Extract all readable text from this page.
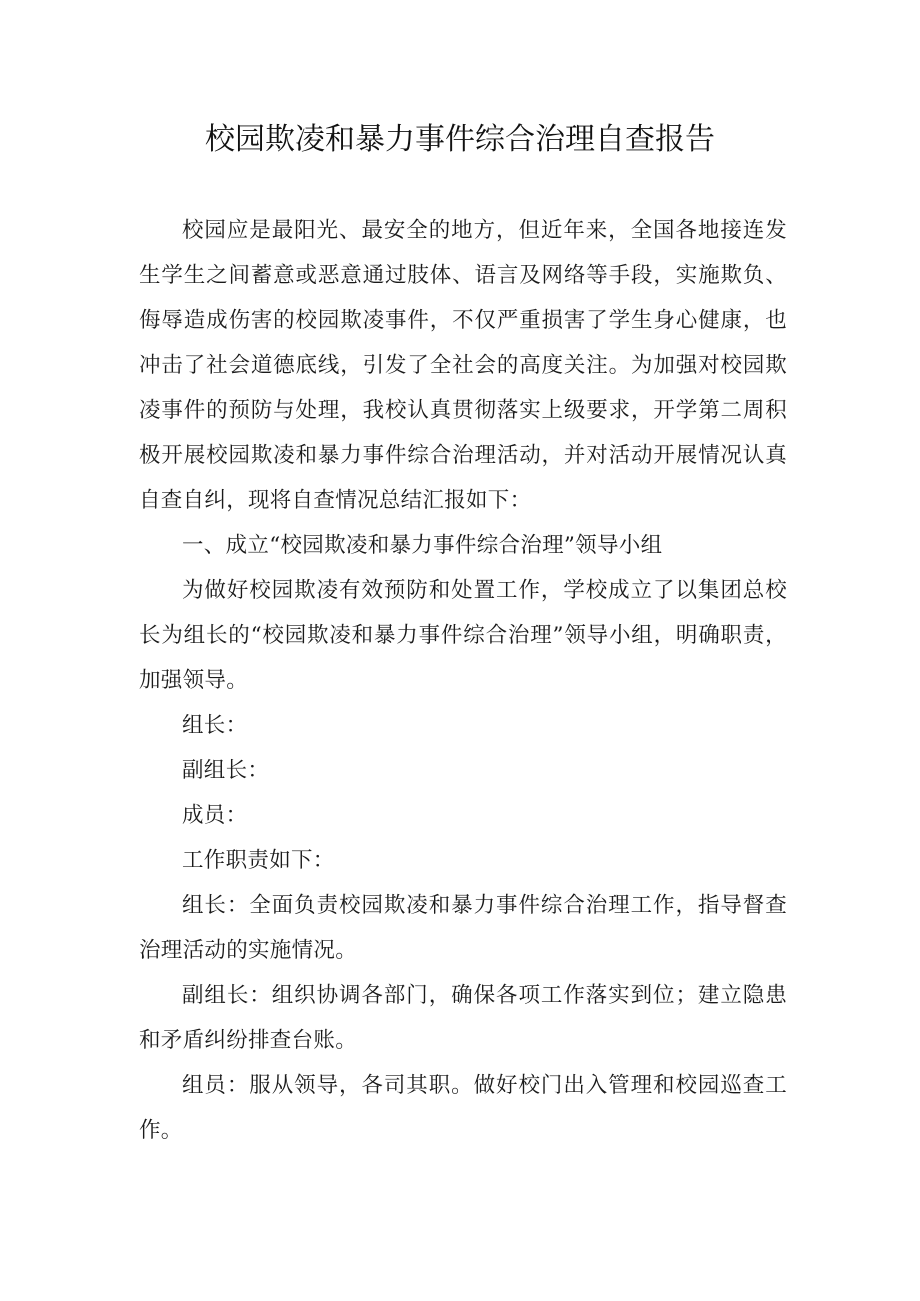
校园欺凌和暴力事件综合治理自查报告

校园应是最阳光、最安全的地方，但近年来，全国各地接连发生学生之间蓄意或恶意通过肢体、语言及网络等手段，实施欺负、侮辱造成伤害的校园欺凌事件，不仅严重损害了学生身心健康，也冲击了社会道德底线，引发了全社会的高度关注。为加强对校园欺凌事件的预防与处理，我校认真贯彻落实上级要求，开学第二周积极开展校园欺凌和暴力事件综合治理活动，并对活动开展情况认真自查自纠，现将自查情况总结汇报如下：

一、成立“校园欺凌和暴力事件综合治理”领导小组

为做好校园欺凌有效预防和处置工作，学校成立了以集团总校长为组长的“校园欺凌和暴力事件综合治理”领导小组，明确职责，加强领导。

组长：

副组长：

成员：

工作职责如下：

组长：全面负责校园欺凌和暴力事件综合治理工作，指导督查治理活动的实施情况。

副组长：组织协调各部门，确保各项工作落实到位；建立隐患和矛盾纠纷排查台账。

组员：服从领导，各司其职。做好校门出入管理和校园巡查工作。
